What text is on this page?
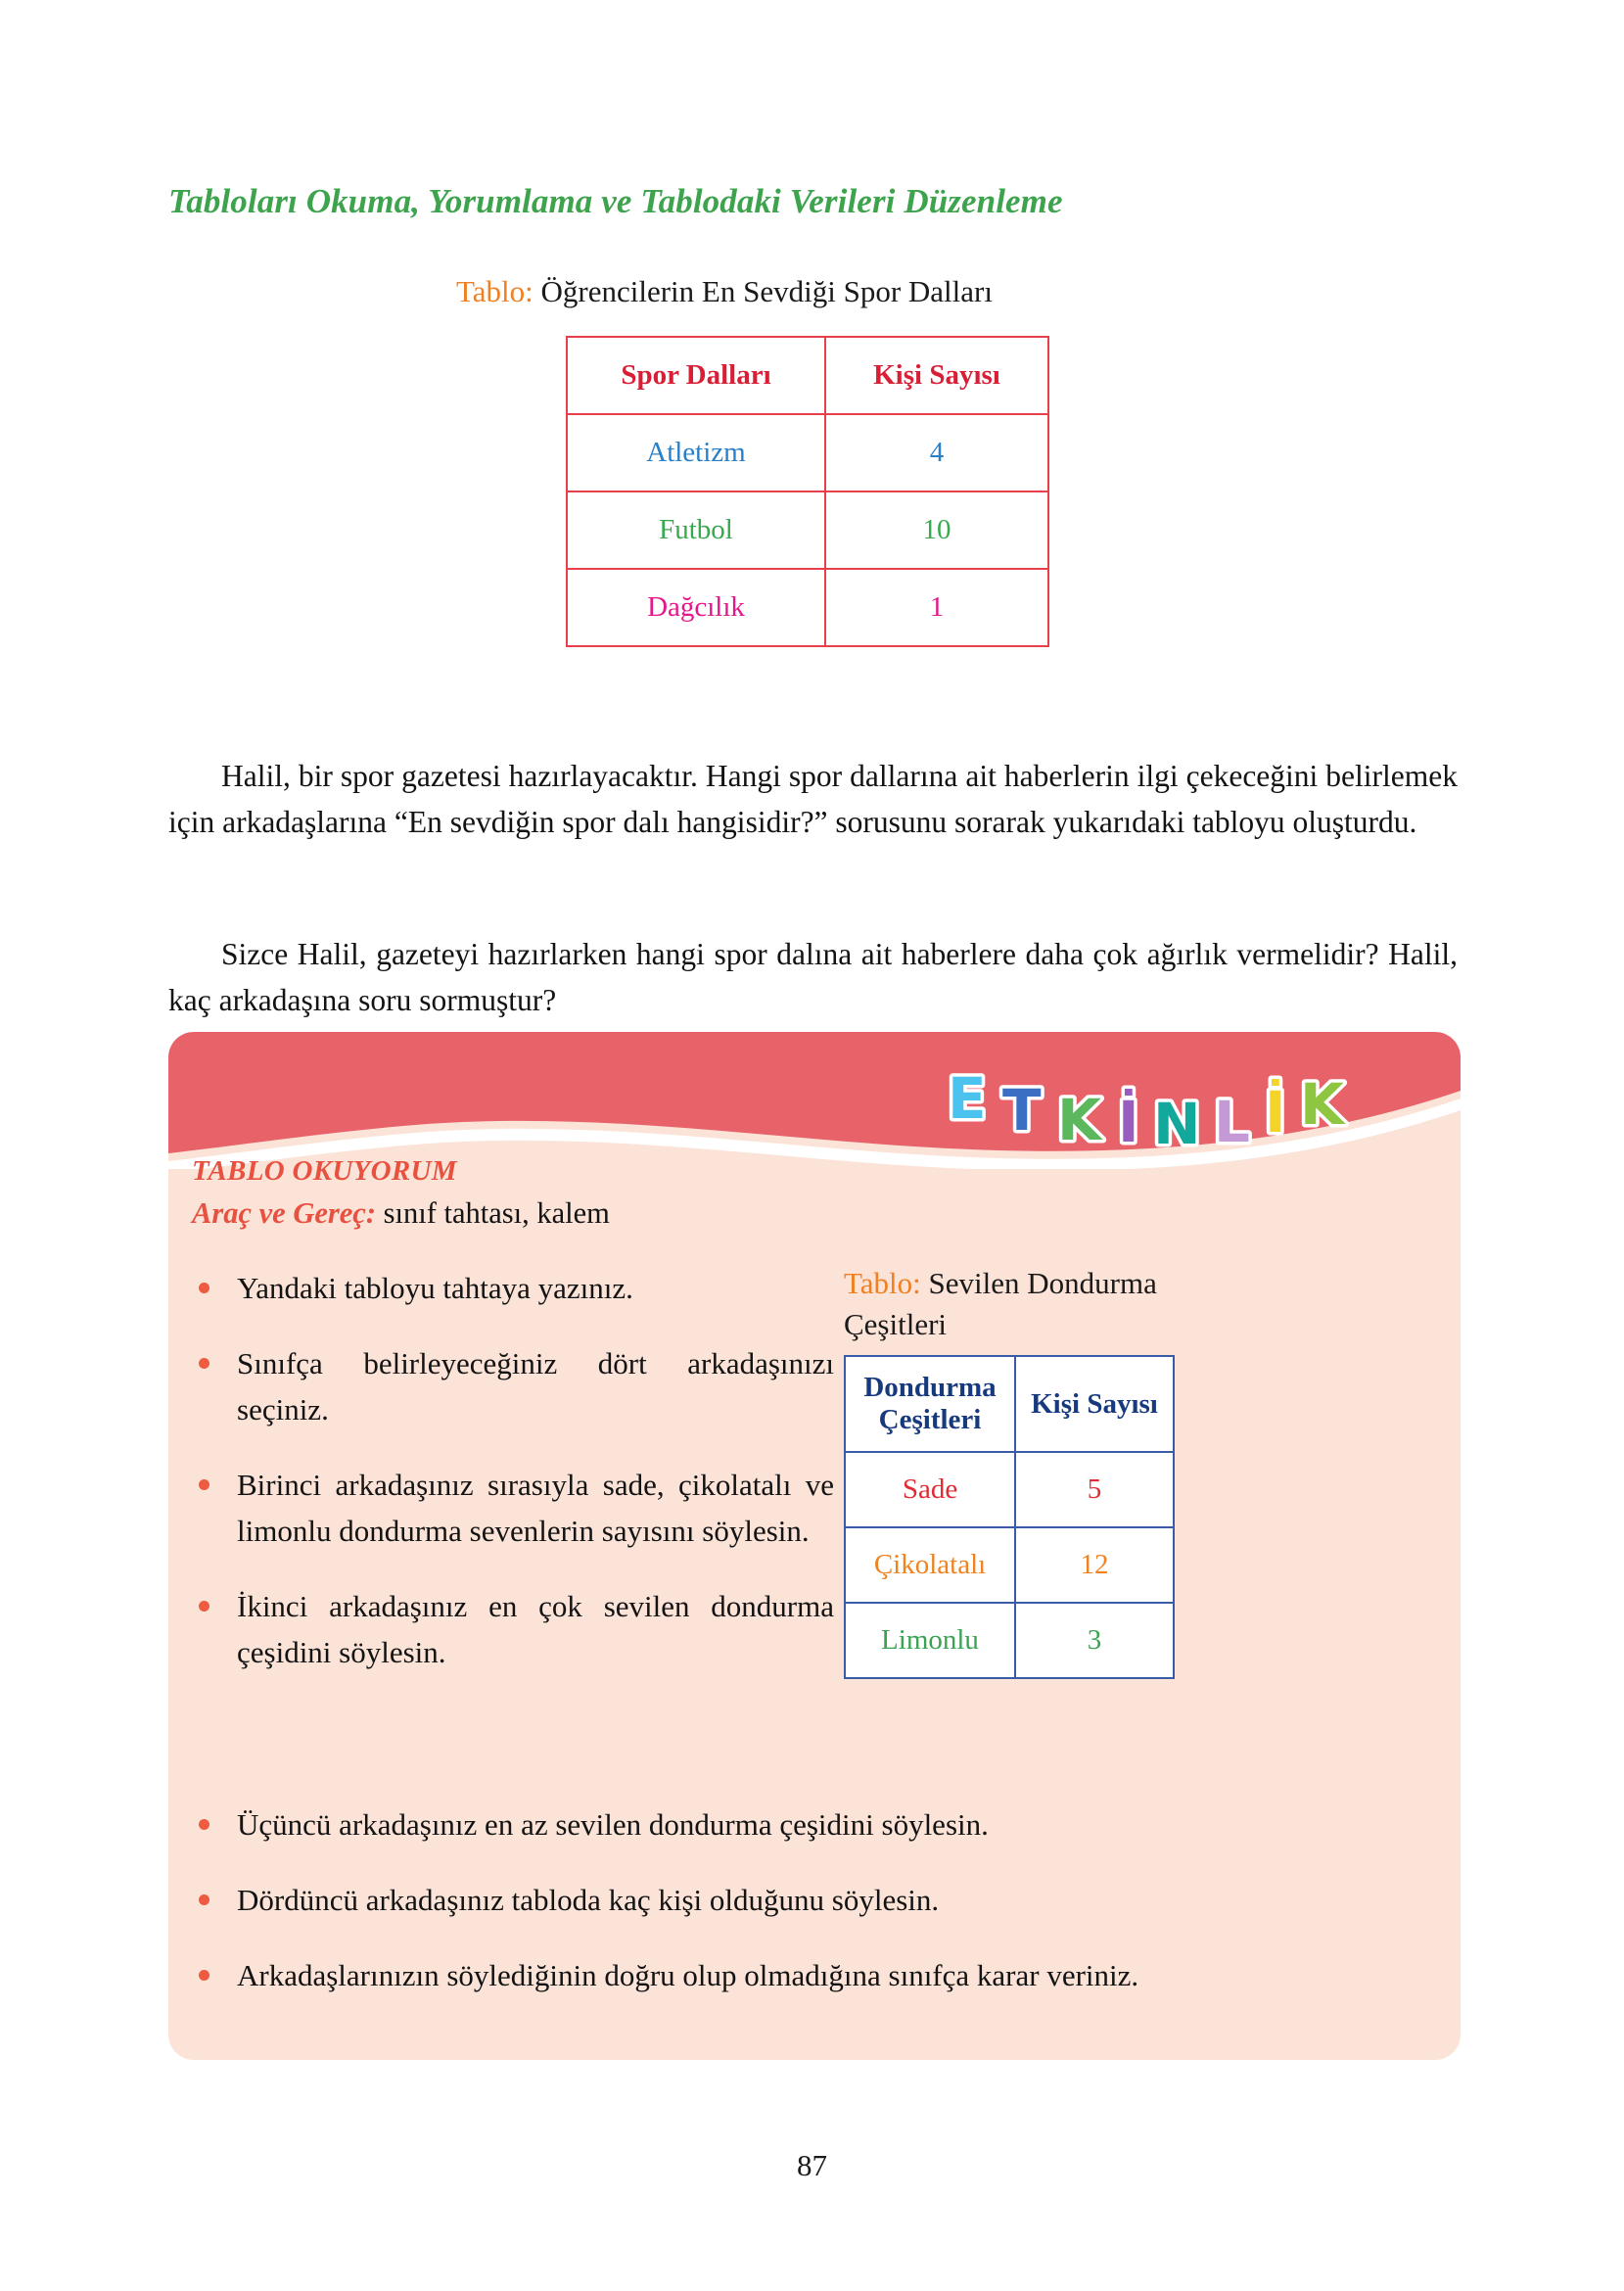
Tabloları Okuma, Yorumlama ve Tablodaki Verileri Düzenleme
Tablo: Öğrencilerin En Sevdiği Spor Dalları
Spor Dalları	Kişi Sayısı
Atletizm	4
Futbol	10
Dağcılık	1

Halil, bir spor gazetesi hazırlayacaktır. Hangi spor dallarına ait haberlerin ilgi çekeceğini belirlemek için arkadaşlarına “En sevdiğin spor dalı hangisidir?” sorusunu sorarak yukarıdaki tabloyu oluşturdu.

Sizce Halil, gazeteyi hazırlarken hangi spor dalına ait haberlere daha çok ağırlık vermelidir? Halil, kaç arkadaşına soru sormuştur?

E T K İ N L İ K
TABLO OKUYORUM
Araç ve Gereç: sınıf tahtası, kalem
Yandaki tabloyu tahtaya yazınız.
Sınıfça belirleyeceğiniz dört arkadaşınızı seçiniz.
Birinci arkadaşınız sırasıyla sade, çikolatalı ve limonlu dondurma sevenlerin sayısını söylesin.
İkinci arkadaşınız en çok sevilen dondurma çeşidini söylesin.
Tablo: Sevilen Dondurma Çeşitleri
Dondurma Çeşitleri	Kişi Sayısı
Sade	5
Çikolatalı	12
Limonlu	3
Üçüncü arkadaşınız en az sevilen dondurma çeşidini söylesin.
Dördüncü arkadaşınız tabloda kaç kişi olduğunu söylesin.
Arkadaşlarınızın söylediğinin doğru olup olmadığına sınıfça karar veriniz.
87
